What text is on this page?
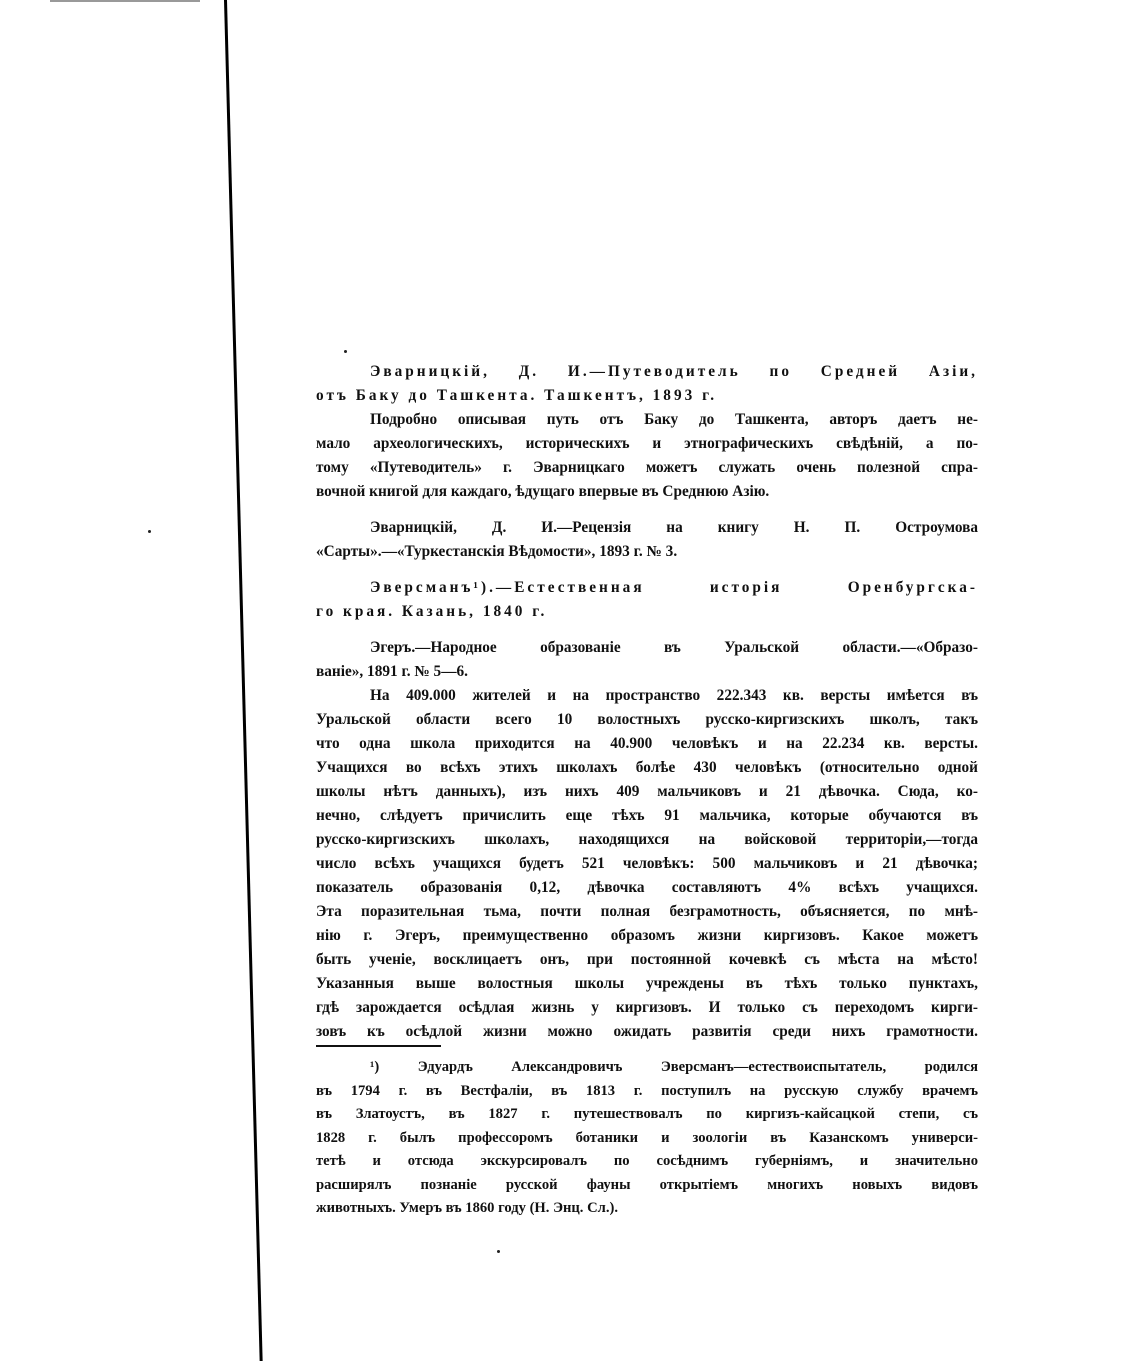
Эварницкій, Д. И.—Путеводитель по Средней Азіи,
отъ Баку до Ташкента. Ташкентъ, 1893 г.
Подробно описывая путь отъ Баку до Ташкента, авторъ даетъ не-
мало археологическихъ, историческихъ и этнографическихъ свѣдѣній, а по-
тому «Путеводитель» г. Эварницкаго можетъ служать очень полезной спра-
вочной книгой для каждаго, ѣдущаго впервые въ Среднюю Азію.
Эварницкій, Д. И.—Рецензія на книгу Н. П. Остроумова
«Сарты».—«Туркестанскія Вѣдомости», 1893 г. № 3.
Эверсманъ¹).—Естественная исторія Оренбургска-
го края. Казань, 1840 г.
Эгеръ.—Народное образованіе въ Уральской области.—«Образо-
ваніе», 1891 г. № 5—6.
На 409.000 жителей и на пространство 222.343 кв. версты имѣется въ
Уральской области всего 10 волостныхъ русско-киргизскихъ школъ, такъ
что одна школа приходится на 40.900 человѣкъ и на 22.234 кв. версты.
Учащихся во всѣхъ этихъ школахъ болѣе 430 человѣкъ (относительно одной
школы нѣтъ данныхъ), изъ нихъ 409 мальчиковъ и 21 дѣвочка. Сюда, ко-
нечно, слѣдуетъ причислить еще тѣхъ 91 мальчика, которые обучаются въ
русско-киргизскихъ школахъ, находящихся на войсковой территоріи,—тогда
число всѣхъ учащихся будетъ 521 человѣкъ: 500 мальчиковъ и 21 дѣвочка;
показатель образованія 0,12, дѣвочка составляютъ 4% всѣхъ учащихся.
Эта поразительная тьма, почти полная безграмотность, объясняется, по мнѣ-
нію г. Эгеръ, преимущественно образомъ жизни киргизовъ. Какое можетъ
быть ученіе, восклицаетъ онъ, при постоянной кочевкѣ съ мѣста на мѣсто!
Указанныя выше волостныя школы учреждены въ тѣхъ только пунктахъ,
гдѣ зарождается осѣдлая жизнь у киргизовъ. И только съ переходомъ кирги-
зовъ къ осѣдлой жизни можно ожидать развитія среди нихъ грамотности.
¹) Эдуардъ Александровичъ Эверсманъ—естествоиспытатель, родился
въ 1794 г. въ Вестфаліи, въ 1813 г. поступилъ на русскую службу врачемъ
въ Златоустъ, въ 1827 г. путешествовалъ по киргизъ-кайсацкой степи, съ
1828 г. былъ профессоромъ ботаники и зоологіи въ Казанскомъ универси-
тетѣ и отсюда экскурсировалъ по сосѣднимъ губерніямъ, и значительно
расширялъ познаніе русской фауны открытіемъ многихъ новыхъ видовъ
животныхъ. Умеръ въ 1860 году (Н. Энц. Сл.).
